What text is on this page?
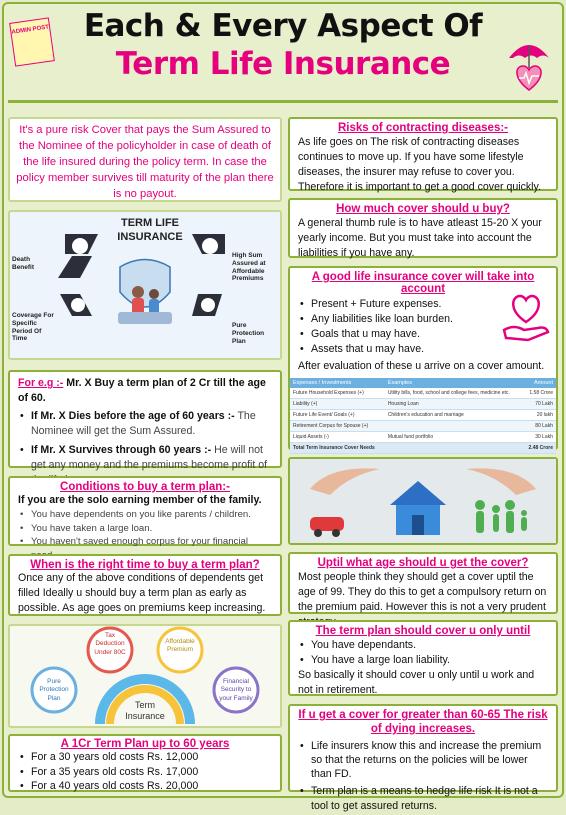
ADMIN POST	Each & Every Aspect Of
Term Life Insurance
It's a pure risk Cover that pays the Sum Assured to the Nominee of the policyholder in case of death of the life insured during the policy term. In case the policy member survives till maturity of the plan there is no payout.
TERM LIFE INSURANCE
Death Benefit
High Sum Assured at Affordable Premiums
Coverage For Specific Period Of Time
Pure Protection Plan
For e.g :- Mr. X Buy a term plan of 2 Cr till the age of 60.
• If Mr. X Dies before the age of 60 years :- The Nominee will get the Sum Assured.
• If Mr. X Survives through 60 years :- He will not get any money and the premiums become profit of
Conditions to buy a term plan:-
If you are the solo earning member of the family.
• You have dependents on you like parents / children.
• You have taken a large loan.
• You haven't saved enough corpus for your financial
When is the right time to buy a term plan?
Once any of the above conditions of dependents get filled Ideally u should buy a term plan as early as possible. As age goes on premiums keep increasing.
Tax Deduction Under 80C
Affordable Premium
Pure Protection Plan
Financial Security to your Family
Term Insurance
A 1Cr Term Plan up to 60 years
• For a 30 years old costs Rs. 12,000
• For a 35 years old costs Rs. 17,000
• For a 40 years old costs Rs. 20,000
Risks of contracting diseases:-
As life goes on The risk of contracting diseases continues to move up. If you have some lifestyle diseases, the insurer may refuse to cover you. Therefore it is important to get a good cover quickly.
How much cover should u buy?
A general thumb rule is to have atleast 15-20 X your yearly income. But you must take into account the liabilities if you have any.
A good life insurance cover will take into account
• Present + Future expenses.
• Any liabilities like loan burden.
• Goals that u may have.
• Assets that u may have.
After evaluation of these u arrive on a cover amount.
Expenses / Investments	Examples	Amount
Future Household Expenses (+)	Utility bills, food, school and college fees, medicine etc.	1.58 Crore
Liability (+)	Housing Loan	70 Lakh
Future Life Event/ Goals (+)	Children's education and marriage	20 lakh
Retirement Corpus for Spouse (+)		80 Lakh
Liquid Assets (-)	Mutual fund portfolio	30 Lakh
Total Term Insurance Cover Needs		2.48 Crore
Uptil what age should u get the cover?
Most people think they should get a cover uptil the age of 99. They do this to get a compulsory return on the premium paid. However this is not a very prudent
The term plan should cover u only until
• You have dependants.
• You have a large loan liability.
So basically it should cover u only until u work and not in retirement.
If u get a cover for greater than 60-65 The risk of dying increases.
• Life insurers know this and increase the premium so that the returns on the policies will be lower than FD.
• Term plan is a means to hedge life risk It is not a tool to get assured returns.
